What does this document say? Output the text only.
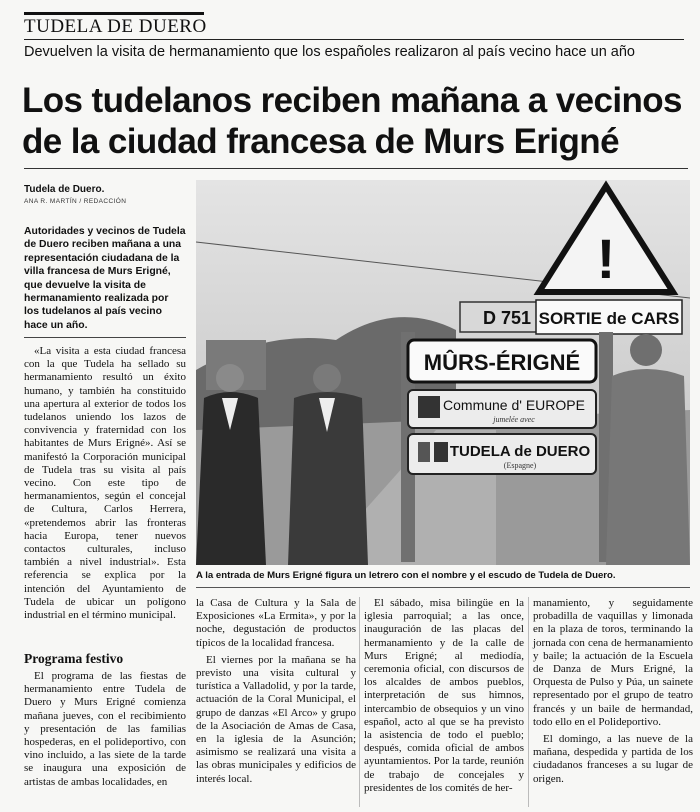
TUDELA DE DUERO
Devuelven la visita de hermanamiento que los españoles realizaron al país vecino hace un año
Los tudelanos reciben mañana a vecinos de la ciudad francesa de Murs Erigné
Tudela de Duero.
ANA R. MARTÍN / REDACCIÓN
Autoridades y vecinos de Tudela de Duero reciben mañana a una representación ciudadana de la villa francesa de Murs Erigné, que devuelve la visita de hermanamiento realizada por los tudelanos al país vecino hace un año.

«La visita a esta ciudad francesa con la que Tudela ha sellado su hermanamiento resultó un éxito humano, y también ha constituido una apertura al exterior de todos los tudelanos uniendo los lazos de convivencia y fraternidad con los habitantes de Murs Erigné». Así se manifestó la Corporación municipal de Tudela tras su visita al país vecino. Con este tipo de hermanamientos, según el concejal de Cultura, Carlos Herrera, «pretendemos abrir las fronteras hacia Europa, tener nuevos contactos culturales, incluso también a nivel industrial». Esta referencia se explica por la intención del Ayuntamiento de Tudela de ubicar un polígono industrial en el término municipal.

Programa festivo

El programa de las fiestas de hermanamiento entre Tudela de Duero y Murs Erigné comienza mañana jueves, con el recibimiento y presentación de las familias hospederas, en el polideportivo, con vino incluido, a las siete de la tarde se inaugura una exposición de artistas de ambas localidades, en

!
D 751 SORTIE de CARS
MÛRS-ÉRIGNÉ
Commune d' EUROPE
jumelée avec
TUDELA de DUERO
(Espagne)
A la entrada de Murs Erigné figura un letrero con el nombre y el escudo de Tudela de Duero.

la Casa de Cultura y la Sala de Exposiciones «La Ermita», y por la noche, degustación de productos típicos de la localidad francesa.

El viernes por la mañana se ha previsto una visita cultural y turística a Valladolid, y por la tarde, actuación de la Coral Municipal, el grupo de danzas «El Arco» y grupo de la Asociación de Amas de Casa, en la iglesia de la Asunción; asimismo se realizará una visita a las obras municipales y edificios de interés local.

El sábado, misa bilingüe en la iglesia parroquial; a las once, inauguración de las placas del hermanamiento y de la calle de Murs Erigné; al mediodía, ceremonia oficial, con discursos de los alcaldes de ambos pueblos, interpretación de sus himnos, intercambio de obsequios y un vino español, acto al que se ha previsto la asistencia de todo el pueblo; después, comida oficial de ambos ayuntamientos. Por la tarde, reunión de trabajo de concejales y presidentes de los comités de her-

manamiento, y seguidamente probadilla de vaquillas y limonada en la plaza de toros, terminando la jornada con cena de hermanamiento y baile; la actuación de la Escuela de Danza de Murs Erigné, la Orquesta de Pulso y Púa, un sainete representado por el grupo de teatro francés y un baile de hermandad, todo ello en el Polideportivo.

El domingo, a las nueve de la mañana, despedida y partida de los ciudadanos franceses a su lugar de origen.
